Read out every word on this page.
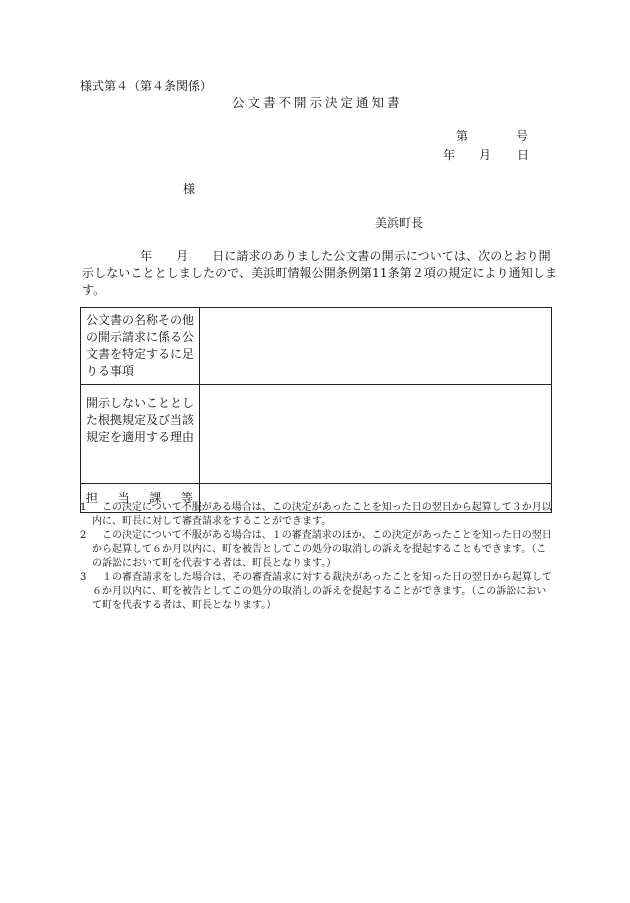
様式第４（第４条関係）
公文書不開示決定通知書
第	号
年 月 日
様
美浜町長
年 月 日に請求のありました公文書の開示については、次のとおり開
示しないこととしましたので、美浜町情報公開条例第11条第２項の規定により通知しま
す。
公文書の名称その他の開示請求に係る公文書を特定するに足りる事項	
開示しないこととした根拠規定及び当該規定を適用する理由	

担 当 課 等	

1	この決定について不服がある場合は、この決定があったことを知った日の翌日から起算して３か月以内に、町長に対して審査請求をすることができます。
2	この決定について不服がある場合は、１の審査請求のほか、この決定があったことを知った日の翌日から起算して６か月以内に、町を被告としてこの処分の取消しの訴えを提起することもできます。（この訴訟において町を代表する者は、町長となります。）
3	１の審査請求をした場合は、その審査請求に対する裁決があったことを知った日の翌日から起算して６か月以内に、町を被告としてこの処分の取消しの訴えを提起することができます。（この訴訟において町を代表する者は、町長となります。）
